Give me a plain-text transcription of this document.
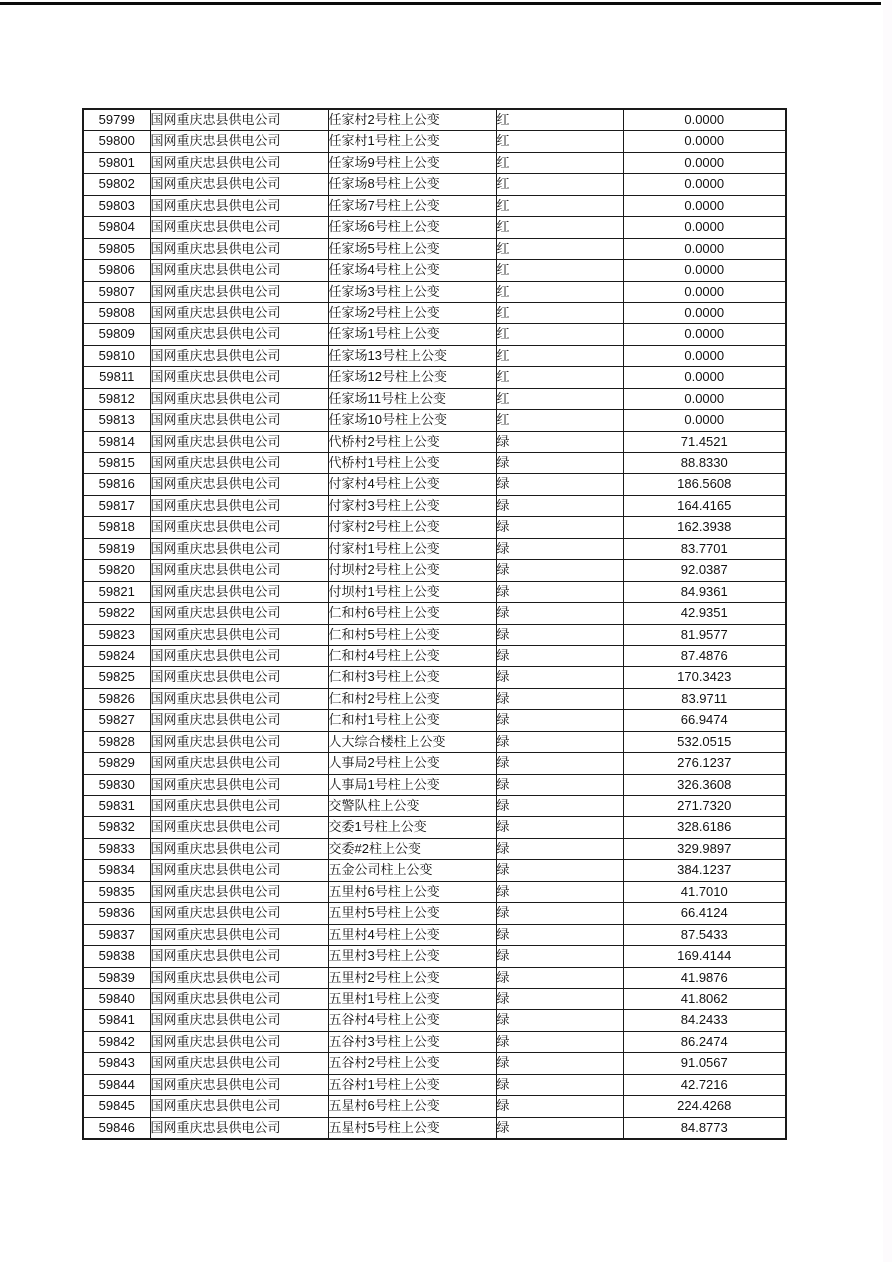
59799	国网重庆忠县供电公司	任家村2号柱上公变	红	0.0000
59800	国网重庆忠县供电公司	任家村1号柱上公变	红	0.0000
59801	国网重庆忠县供电公司	任家场9号柱上公变	红	0.0000
59802	国网重庆忠县供电公司	任家场8号柱上公变	红	0.0000
59803	国网重庆忠县供电公司	任家场7号柱上公变	红	0.0000
59804	国网重庆忠县供电公司	任家场6号柱上公变	红	0.0000
59805	国网重庆忠县供电公司	任家场5号柱上公变	红	0.0000
59806	国网重庆忠县供电公司	任家场4号柱上公变	红	0.0000
59807	国网重庆忠县供电公司	任家场3号柱上公变	红	0.0000
59808	国网重庆忠县供电公司	任家场2号柱上公变	红	0.0000
59809	国网重庆忠县供电公司	任家场1号柱上公变	红	0.0000
59810	国网重庆忠县供电公司	任家场13号柱上公变	红	0.0000
59811	国网重庆忠县供电公司	任家场12号柱上公变	红	0.0000
59812	国网重庆忠县供电公司	任家场11号柱上公变	红	0.0000
59813	国网重庆忠县供电公司	任家场10号柱上公变	红	0.0000
59814	国网重庆忠县供电公司	代桥村2号柱上公变	绿	71.4521
59815	国网重庆忠县供电公司	代桥村1号柱上公变	绿	88.8330
59816	国网重庆忠县供电公司	付家村4号柱上公变	绿	186.5608
59817	国网重庆忠县供电公司	付家村3号柱上公变	绿	164.4165
59818	国网重庆忠县供电公司	付家村2号柱上公变	绿	162.3938
59819	国网重庆忠县供电公司	付家村1号柱上公变	绿	83.7701
59820	国网重庆忠县供电公司	付坝村2号柱上公变	绿	92.0387
59821	国网重庆忠县供电公司	付坝村1号柱上公变	绿	84.9361
59822	国网重庆忠县供电公司	仁和村6号柱上公变	绿	42.9351
59823	国网重庆忠县供电公司	仁和村5号柱上公变	绿	81.9577
59824	国网重庆忠县供电公司	仁和村4号柱上公变	绿	87.4876
59825	国网重庆忠县供电公司	仁和村3号柱上公变	绿	170.3423
59826	国网重庆忠县供电公司	仁和村2号柱上公变	绿	83.9711
59827	国网重庆忠县供电公司	仁和村1号柱上公变	绿	66.9474
59828	国网重庆忠县供电公司	人大综合楼柱上公变	绿	532.0515
59829	国网重庆忠县供电公司	人事局2号柱上公变	绿	276.1237
59830	国网重庆忠县供电公司	人事局1号柱上公变	绿	326.3608
59831	国网重庆忠县供电公司	交警队柱上公变	绿	271.7320
59832	国网重庆忠县供电公司	交委1号柱上公变	绿	328.6186
59833	国网重庆忠县供电公司	交委#2柱上公变	绿	329.9897
59834	国网重庆忠县供电公司	五金公司柱上公变	绿	384.1237
59835	国网重庆忠县供电公司	五里村6号柱上公变	绿	41.7010
59836	国网重庆忠县供电公司	五里村5号柱上公变	绿	66.4124
59837	国网重庆忠县供电公司	五里村4号柱上公变	绿	87.5433
59838	国网重庆忠县供电公司	五里村3号柱上公变	绿	169.4144
59839	国网重庆忠县供电公司	五里村2号柱上公变	绿	41.9876
59840	国网重庆忠县供电公司	五里村1号柱上公变	绿	41.8062
59841	国网重庆忠县供电公司	五谷村4号柱上公变	绿	84.2433
59842	国网重庆忠县供电公司	五谷村3号柱上公变	绿	86.2474
59843	国网重庆忠县供电公司	五谷村2号柱上公变	绿	91.0567
59844	国网重庆忠县供电公司	五谷村1号柱上公变	绿	42.7216
59845	国网重庆忠县供电公司	五星村6号柱上公变	绿	224.4268
59846	国网重庆忠县供电公司	五星村5号柱上公变	绿	84.8773
